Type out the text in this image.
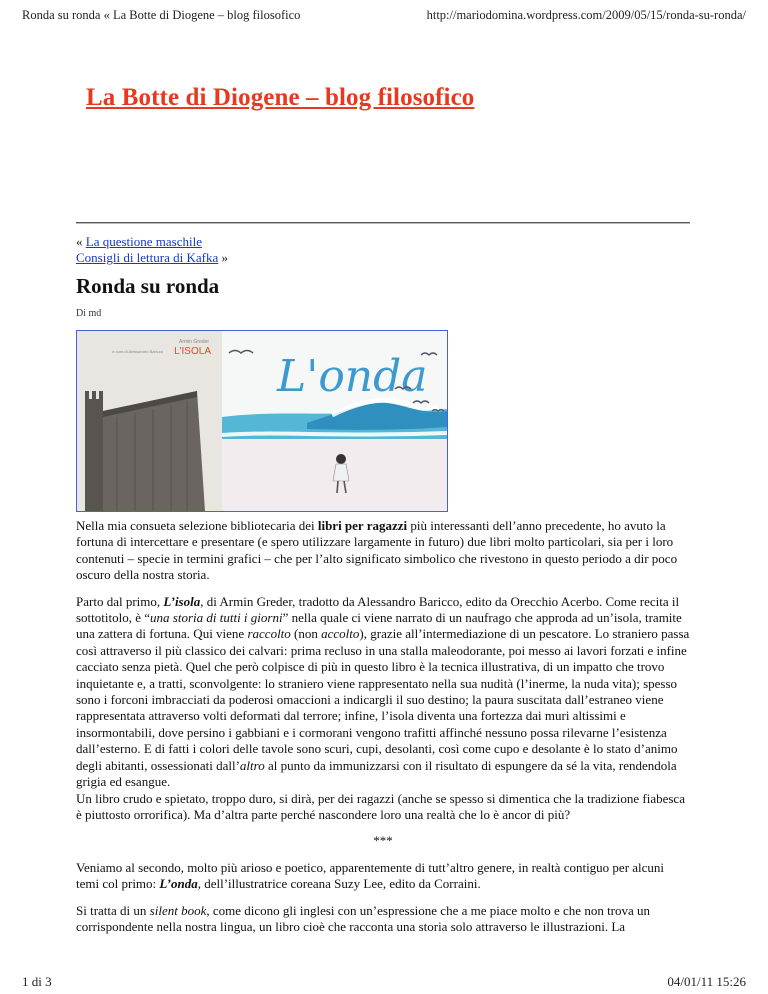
Ronda su ronda « La Botte di Diogene – blog filosofico	http://mariodomina.wordpress.com/2009/05/15/ronda-su-ronda/
La Botte di Diogene – blog filosofico
« La questione maschile
Consigli di lettura di Kafka »
Ronda su ronda
Di md
Armin Greder
a cura di Alessandro Baricco L'ISOLA L'onda

Nella mia consueta selezione bibliotecaria dei libri per ragazzi più interessanti dell’anno precedente, ho avuto la fortuna di intercettare e presentare (e spero utilizzare largamente in futuro) due libri molto particolari, sia per i loro contenuti – specie in termini grafici – che per l’alto significato simbolico che rivestono in questo periodo a dir poco oscuro della nostra storia.

Parto dal primo, L’isola, di Armin Greder, tradotto da Alessandro Baricco, edito da Orecchio Acerbo. Come recita il sottotitolo, è “una storia di tutti i giorni” nella quale ci viene narrato di un naufrago che approda ad un’isola, tramite una zattera di fortuna. Qui viene raccolto (non accolto), grazie all’intermediazione di un pescatore. Lo straniero passa così attraverso il più classico dei calvari: prima recluso in una stalla maleodorante, poi messo ai lavori forzati e infine cacciato senza pietà. Quel che però colpisce di più in questo libro è la tecnica illustrativa, di un impatto che trovo inquietante e, a tratti, sconvolgente: lo straniero viene rappresentato nella sua nudità (l’inerme, la nuda vita); spesso sono i forconi imbracciati da poderosi omaccioni a indicargli il suo destino; la paura suscitata dall’estraneo viene rappresentata attraverso volti deformati dal terrore; infine, l’isola diventa una fortezza dai muri altissimi e insormontabili, dove persino i gabbiani e i cormorani vengono trafitti affinché nessuno possa rilevarne l’esistenza dall’esterno. E di fatti i colori delle tavole sono scuri, cupi, desolanti, così come cupo e desolante è lo stato d’animo degli abitanti, ossessionati dall’altro al punto da immunizzarsi con il risultato di espungere da sé la vita, rendendola grigia ed esangue.
Un libro crudo e spietato, troppo duro, si dirà, per dei ragazzi (anche se spesso si dimentica che la tradizione fiabesca è piuttosto orrorifica). Ma d’altra parte perché nascondere loro una realtà che lo è ancor di più?

***

Veniamo al secondo, molto più arioso e poetico, apparentemente di tutt’altro genere, in realtà contiguo per alcuni temi col primo: L’onda, dell’illustratrice coreana Suzy Lee, edito da Corraini.

Si tratta di un silent book, come dicono gli inglesi con un’espressione che a me piace molto e che non trova un corrispondente nella nostra lingua, un libro cioè che racconta una storia solo attraverso le illustrazioni. La

1 di 3	04/01/11 15:26
